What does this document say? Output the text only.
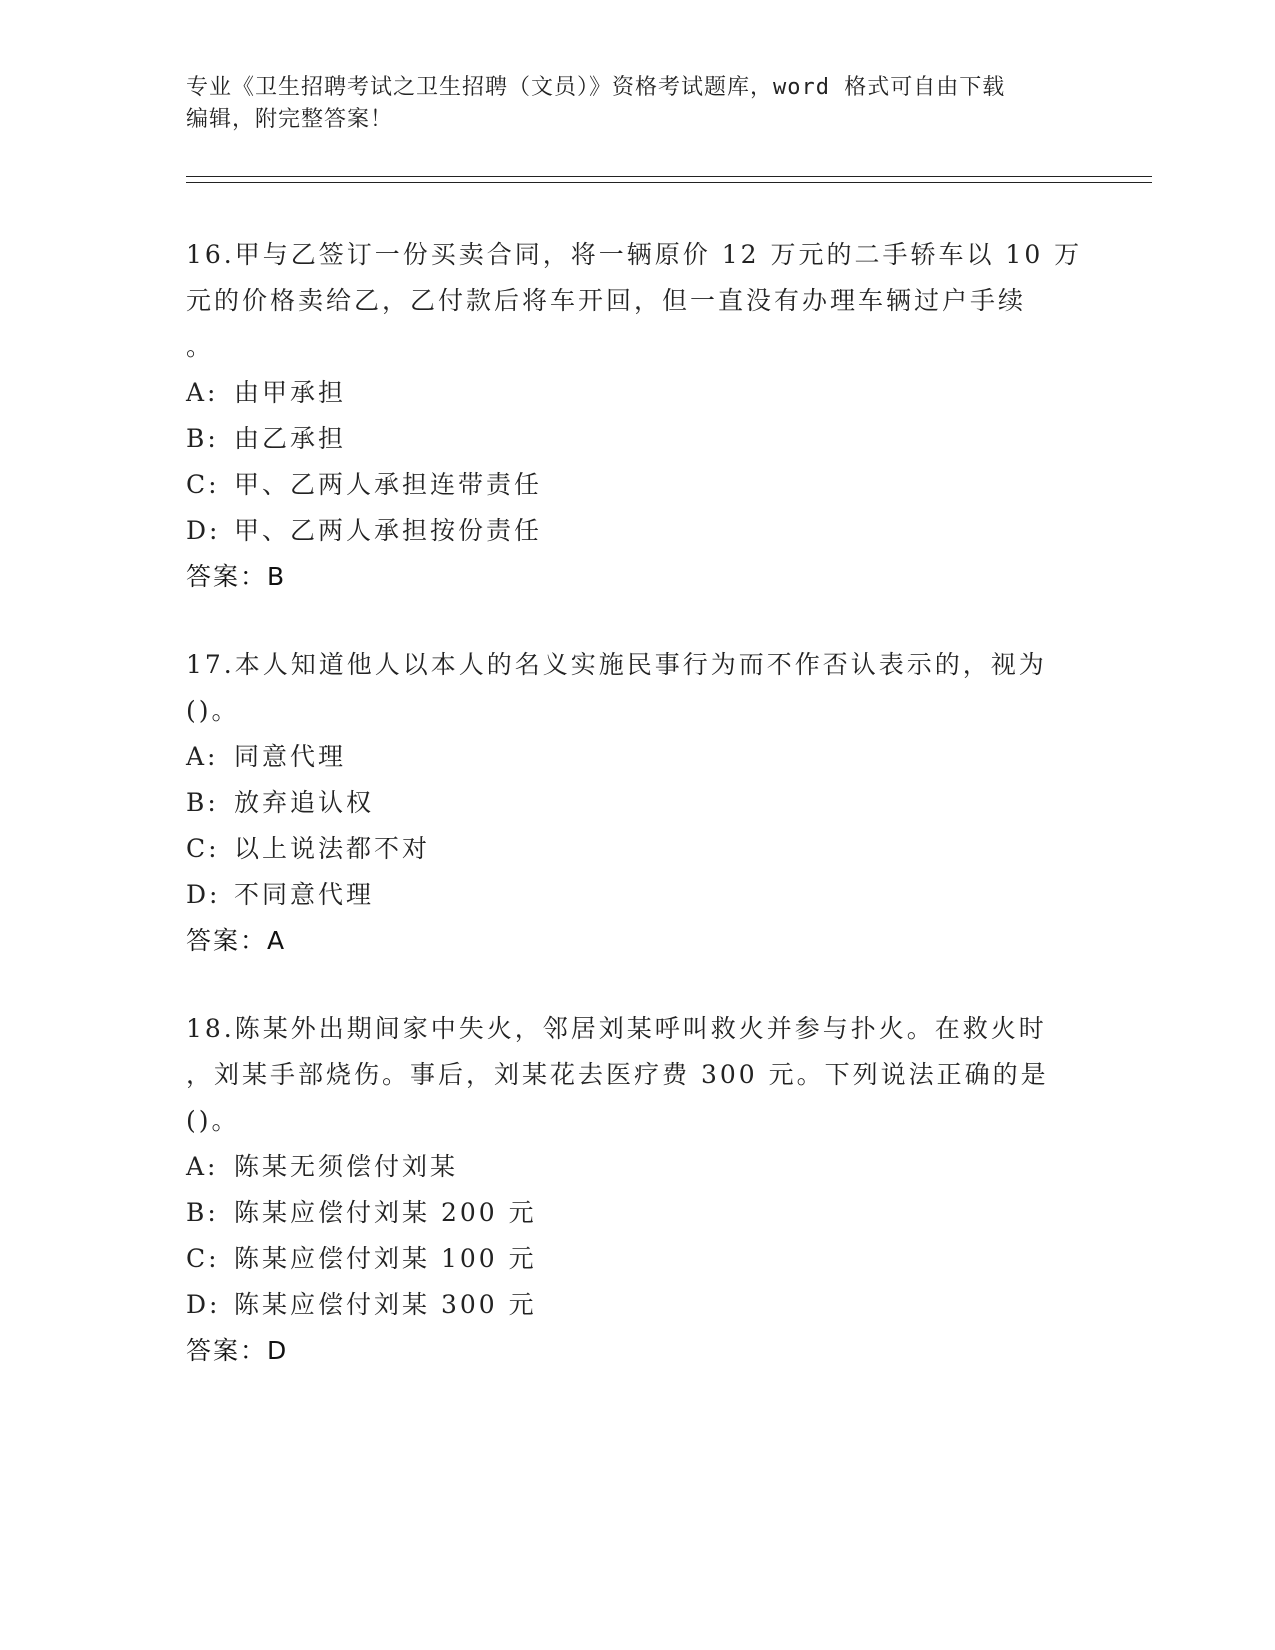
专业《卫生招聘考试之卫生招聘（文员）》资格考试题库，word 格式可自由下载
编辑，附完整答案！
16.甲与乙签订一份买卖合同，将一辆原价 12 万元的二手轿车以 10 万
元的价格卖给乙，乙付款后将车开回，但一直没有办理车辆过户手续
。
A: 由甲承担
B: 由乙承担
C: 甲、乙两人承担连带责任
D: 甲、乙两人承担按份责任
答案：B
17.本人知道他人以本人的名义实施民事行为而不作否认表示的，视为
()。
A: 同意代理
B: 放弃追认权
C: 以上说法都不对
D: 不同意代理
答案：A
18.陈某外出期间家中失火，邻居刘某呼叫救火并参与扑火。在救火时
，刘某手部烧伤。事后，刘某花去医疗费 300 元。下列说法正确的是
()。
A: 陈某无须偿付刘某
B: 陈某应偿付刘某 200 元
C: 陈某应偿付刘某 100 元
D: 陈某应偿付刘某 300 元
答案：D
